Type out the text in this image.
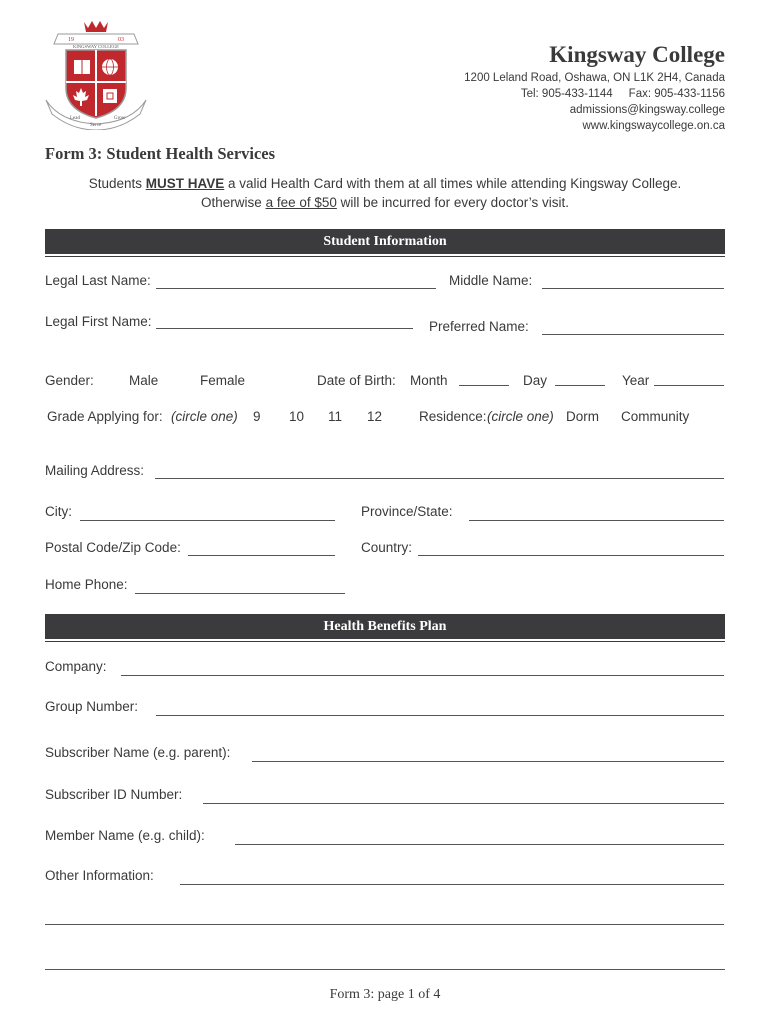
19	03
KINGSWAY COLLEGE
Lead
Serve
Grow
Kingsway College
1200 Leland Road, Oshawa, ON L1K 2H4, Canada
Tel: 905-433-1144 Fax: 905-433-1156
admissions@kingsway.college
www.kingswaycollege.on.ca
Form 3: Student Health Services
Students MUST HAVE a valid Health Card with them at all times while attending Kingsway College.
Otherwise a fee of $50 will be incurred for every doctor’s visit.
Student Information
Legal Last Name:	Middle Name:
Legal First Name:	Preferred Name:
Gender:	Male	Female	Date of Birth: Month	Day	Year
Grade Applying for: (circle one) 9 10 11 12	Residence: (circle one) Dorm Community
Mailing Address:
City:	Province/State:
Postal Code/Zip Code:	Country:
Home Phone:
Health Benefits Plan
Company:
Group Number:
Subscriber Name (e.g. parent):
Subscriber ID Number:
Member Name (e.g. child):
Other Information:
Form 3: page 1 of 4
